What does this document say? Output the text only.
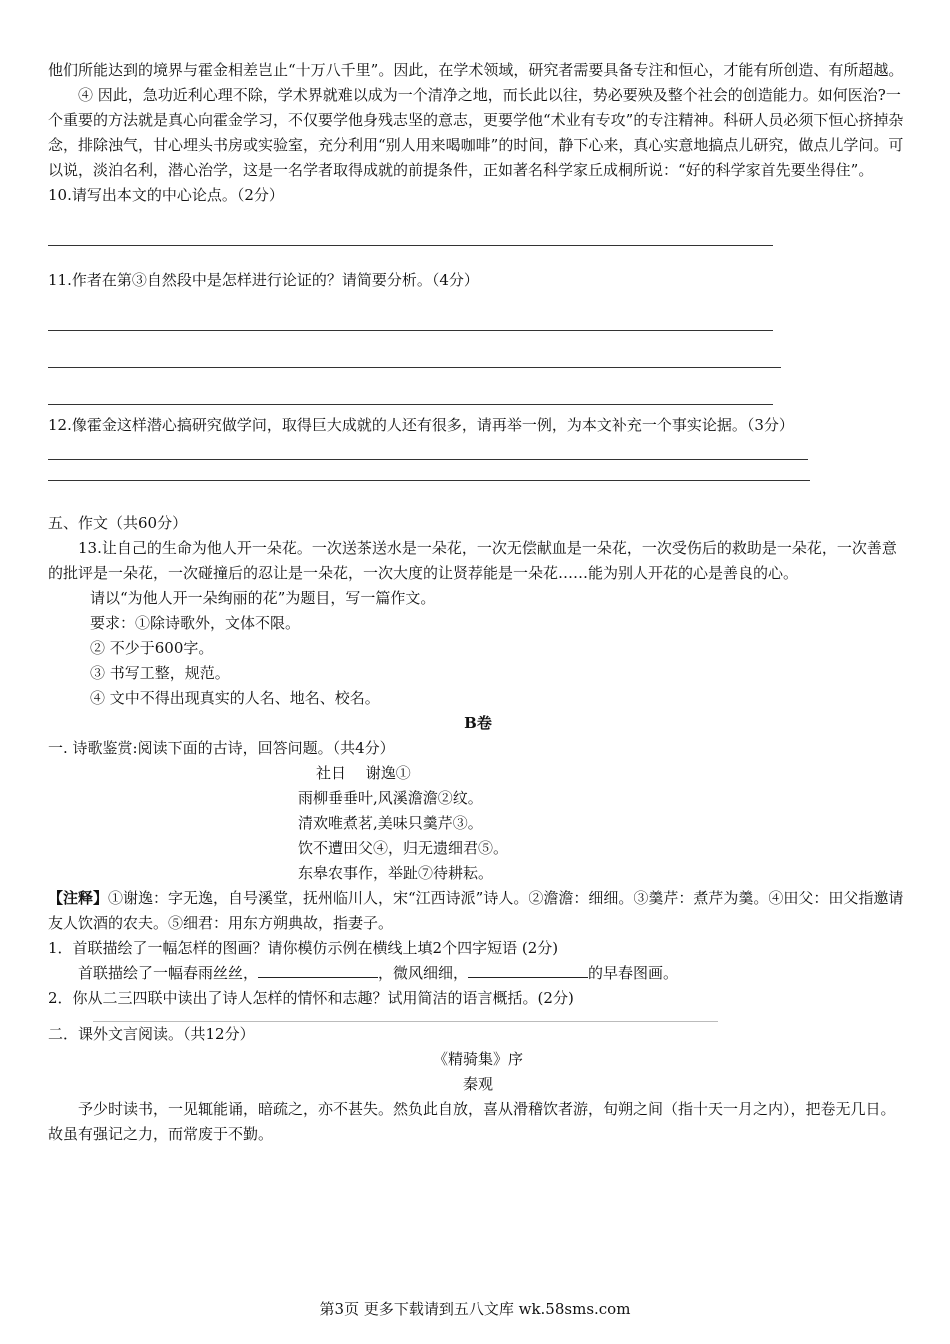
他们所能达到的境界与霍金相差岂止“十万八千里”。因此，在学术领域，研究者需要具备专注和恒心，才能有所创造、有所超越。

④ 因此，急功近利心理不除，学术界就难以成为一个清净之地，而长此以往，势必要殃及整个社会的创造能力。如何医治?一个重要的方法就是真心向霍金学习，不仅要学他身残志坚的意志，更要学他“术业有专攻”的专注精神。科研人员必须下恒心挤掉杂念，排除浊气，甘心埋头书房或实验室，充分利用“别人用来喝咖啡”的时间，静下心来，真心实意地搞点儿研究，做点儿学问。可以说，淡泊名利，潜心治学，这是一名学者取得成就的前提条件，正如著名科学家丘成桐所说：“好的科学家首先要坐得住”。

10.请写出本文的中心论点。（2分）

11.作者在第③自然段中是怎样进行论证的？请简要分析。（4分）

12.像霍金这样潜心搞研究做学问，取得巨大成就的人还有很多，请再举一例，为本文补充一个事实论据。（3分）

五、作文（共60分）

13.让自己的生命为他人开一朵花。一次送茶送水是一朵花，一次无偿献血是一朵花，一次受伤后的救助是一朵花，一次善意的批评是一朵花，一次碰撞后的忍让是一朵花，一次大度的让贤荐能是一朵花……能为别人开花的心是善良的心。

请以“为他人开一朵绚丽的花”为题目，写一篇作文。

要求：①除诗歌外，文体不限。

② 不少于600字。

③ 书写工整，规范。

④ 文中不得出现真实的人名、地名、校名。

B卷

一. 诗歌鉴赏:阅读下面的古诗，回答问题。（共4分）

社日　 谢逸①

雨柳垂垂叶,风溪澹澹②纹。

清欢唯煮茗,美味只羹芹③。

饮不遭田父④，归无遗细君⑤。

东皋农事作，举趾⑦待耕耘。

【注释】①谢逸：字无逸，自号溪堂，抚州临川人，宋“江西诗派”诗人。②澹澹：细细。③羹芹：煮芹为羹。④田父：田父指邀请友人饮酒的农夫。⑤细君：用东方朔典故，指妻子。

1．首联描绘了一幅怎样的图画？请你模仿示例在横线上填2个四字短语 (2分)

首联描绘了一幅春雨丝丝，	，微风细细，	的早春图画。

2．你从二三四联中读出了诗人怎样的情怀和志趣？试用简洁的语言概括。(2分)

二．课外文言阅读。（共12分）

《精骑集》序

秦观

予少时读书，一见辄能诵，暗疏之，亦不甚失。然负此自放，喜从滑稽饮者游，旬朔之间（指十天一月之内），把卷无几日。故虽有强记之力，而常废于不勤。

第3页 更多下载请到五八文库 wk.58sms.com
